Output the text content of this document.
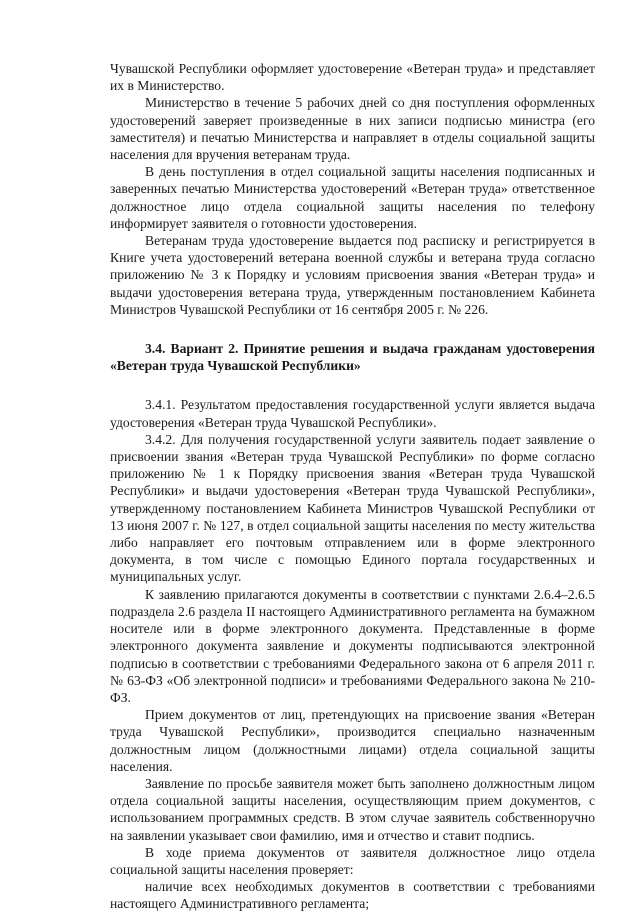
Чувашской Республики оформляет удостоверение «Ветеран труда» и представляет их в Министерство.

Министерство в течение 5 рабочих дней со дня поступления оформленных удостоверений заверяет произведенные в них записи подписью министра (его заместителя) и печатью Министерства и направляет в отделы социальной защиты населения для вручения ветеранам труда.

В день поступления в отдел социальной защиты населения подписанных и заверенных печатью Министерства удостоверений «Ветеран труда» ответственное должностное лицо отдела социальной защиты населения по телефону информирует заявителя о готовности удостоверения.

Ветеранам труда удостоверение выдается под расписку и регистрируется в Книге учета удостоверений ветерана военной службы и ветерана труда согласно приложению № 3 к Порядку и условиям присвоения звания «Ветеран труда» и выдачи удостоверения ветерана труда, утвержденным постановлением Кабинета Министров Чувашской Республики от 16 сентября 2005 г. № 226.

3.4. Вариант 2. Принятие решения и выдача гражданам удостоверения «Ветеран труда Чувашской Республики»

3.4.1. Результатом предоставления государственной услуги является выдача удостоверения «Ветеран труда Чувашской Республики».

3.4.2. Для получения государственной услуги заявитель подает заявление о присвоении звания «Ветеран труда Чувашской Республики» по форме согласно приложению № 1 к Порядку присвоения звания «Ветеран труда Чувашской Республики» и выдачи удостоверения «Ветеран труда Чувашской Республики», утвержденному постановлением Кабинета Министров Чувашской Республики от 13 июня 2007 г. № 127, в отдел социальной защиты населения по месту жительства либо направляет его почтовым отправлением или в форме электронного документа, в том числе с помощью Единого портала государственных и муниципальных услуг.

К заявлению прилагаются документы в соответствии с пунктами 2.6.4–2.6.5 подраздела 2.6 раздела II настоящего Административного регламента на бумажном носителе или в форме электронного документа. Представленные в форме электронного документа заявление и документы подписываются электронной подписью в соответствии с требованиями Федерального закона от 6 апреля 2011 г. № 63-ФЗ «Об электронной подписи» и требованиями Федерального закона № 210-ФЗ.

Прием документов от лиц, претендующих на присвоение звания «Ветеран труда Чувашской Республики», производится специально назначенным должностным лицом (должностными лицами) отдела социальной защиты населения.

Заявление по просьбе заявителя может быть заполнено должностным лицом отдела социальной защиты населения, осуществляющим прием документов, с использованием программных средств. В этом случае заявитель собственноручно на заявлении указывает свои фамилию, имя и отчество и ставит подпись.

В ходе приема документов от заявителя должностное лицо отдела социальной защиты населения проверяет:

наличие всех необходимых документов в соответствии с требованиями настоящего Административного регламента;
